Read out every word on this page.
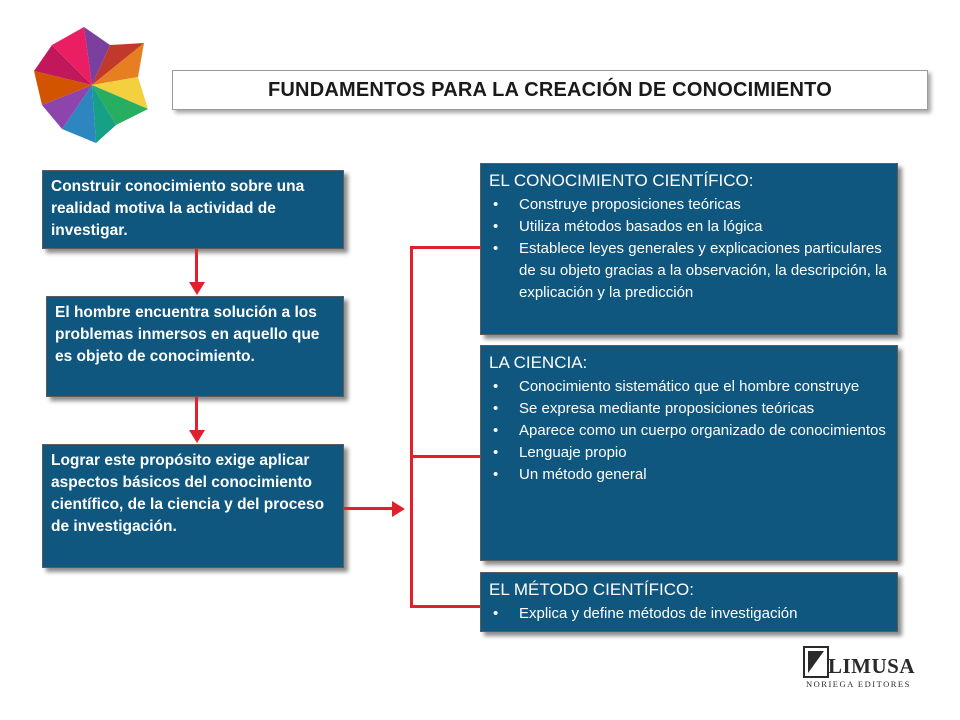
FUNDAMENTOS PARA LA CREACIÓN DE CONOCIMIENTO
Construir conocimiento sobre una realidad motiva la actividad de investigar.
El hombre encuentra solución a los problemas inmersos en aquello que es objeto de conocimiento.
Lograr este propósito exige aplicar aspectos básicos del conocimiento científico, de la ciencia y del proceso de investigación.
EL CONOCIMIENTO CIENTÍFICO:
• Construye proposiciones teóricas
• Utiliza métodos basados en la lógica
• Establece leyes generales y explicaciones particulares de su objeto gracias a la observación, la descripción, la explicación y la predicción
LA CIENCIA:
• Conocimiento sistemático que el hombre construye
• Se expresa mediante proposiciones teóricas
• Aparece como un cuerpo organizado de conocimientos
• Lenguaje propio
• Un método general
EL MÉTODO CIENTÍFICO:
• Explica y define métodos de investigación
LIMUSA
NORIEGA EDITORES
